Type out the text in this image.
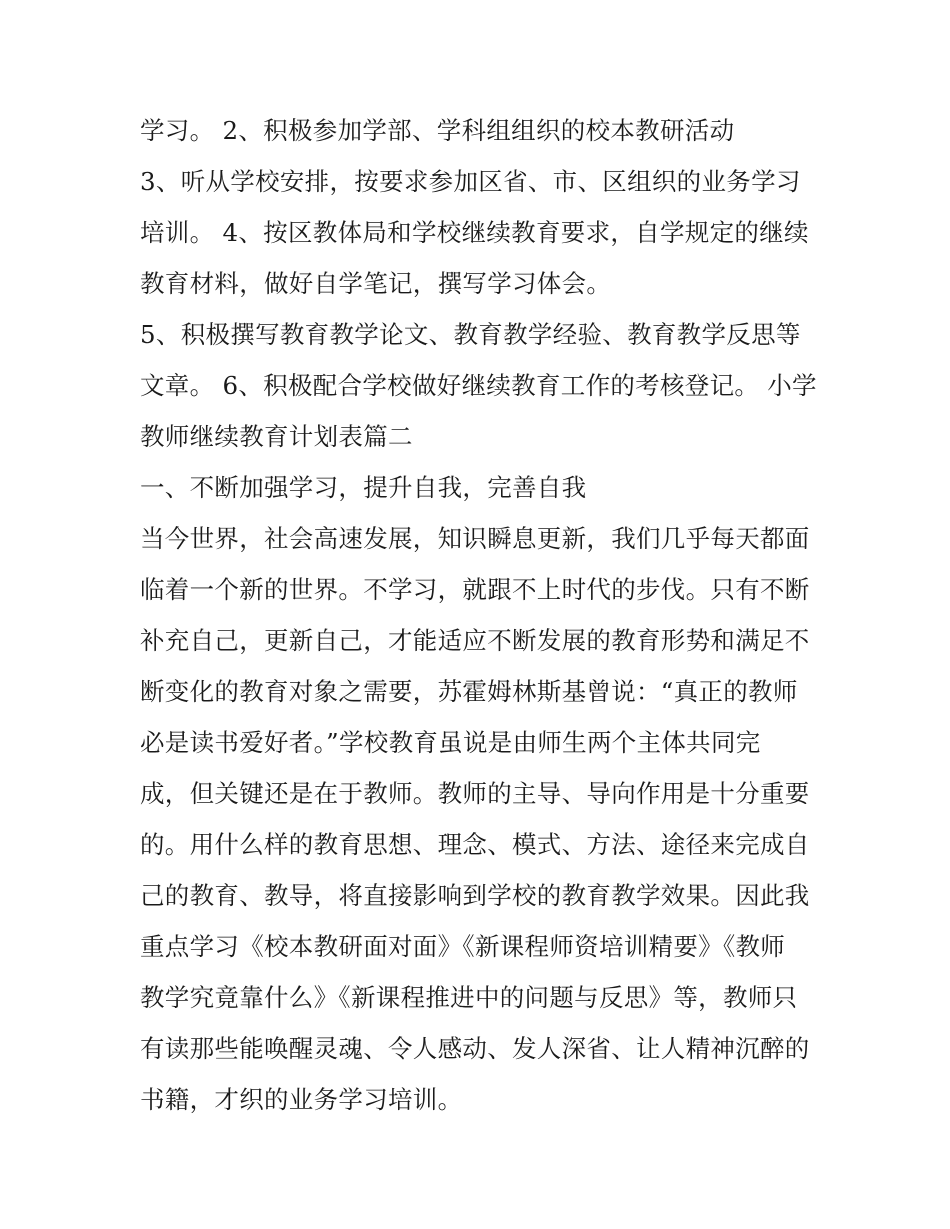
学习。 2、积极参加学部、学科组组织的校本教研活动
3、听从学校安排，按要求参加区省、市、区组织的业务学习
培训。 4、按区教体局和学校继续教育要求，自学规定的继续
教育材料，做好自学笔记，撰写学习体会。
5、积极撰写教育教学论文、教育教学经验、教育教学反思等
文章。 6、积极配合学校做好继续教育工作的考核登记。 小学
教师继续教育计划表篇二
一、不断加强学习，提升自我，完善自我
当今世界，社会高速发展，知识瞬息更新，我们几乎每天都面
临着一个新的世界。不学习，就跟不上时代的步伐。只有不断
补充自己，更新自己，才能适应不断发展的教育形势和满足不
断变化的教育对象之需要，苏霍姆林斯基曾说：“真正的教师
必是读书爱好者。”学校教育虽说是由师生两个主体共同完
成，但关键还是在于教师。教师的主导、导向作用是十分重要
的。用什么样的教育思想、理念、模式、方法、途径来完成自
己的教育、教导，将直接影响到学校的教育教学效果。因此我
重点学习《校本教研面对面》《新课程师资培训精要》《教师
教学究竟靠什么》《新课程推进中的问题与反思》等，教师只
有读那些能唤醒灵魂、令人感动、发人深省、让人精神沉醉的
书籍，才织的业务学习培训。
